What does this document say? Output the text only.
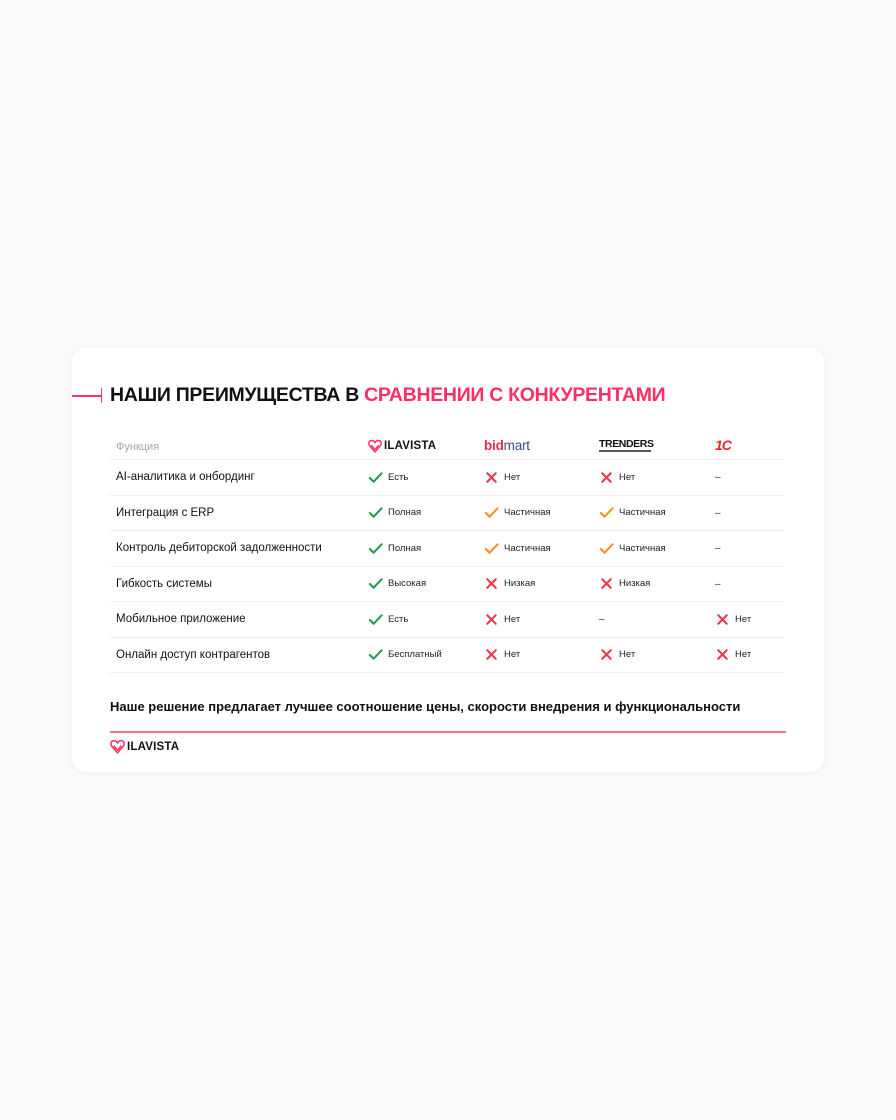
НАШИ ПРЕИМУЩЕСТВА В СРАВНЕНИИ С КОНКУРЕНТАМИ
Функция	ILAVISTA	bidmart	TRENDERS	1С
AI-аналитика и онбординг	Есть	Нет	Нет	–
Интеграция с ERP	Полная	Частичная	Частичная	–
Контроль дебиторской задолженности	Полная	Частичная	Частичная	–
Гибкость системы	Высокая	Низкая	Низкая	–
Мобильное приложение	Есть	Нет	–	Нет

Онлайн доступ контрагентов	Бесплатный	Нет	Нет	Нет
Наше решение предлагает лучшее соотношение цены, скорости внедрения и функциональности
ILAVISTA
